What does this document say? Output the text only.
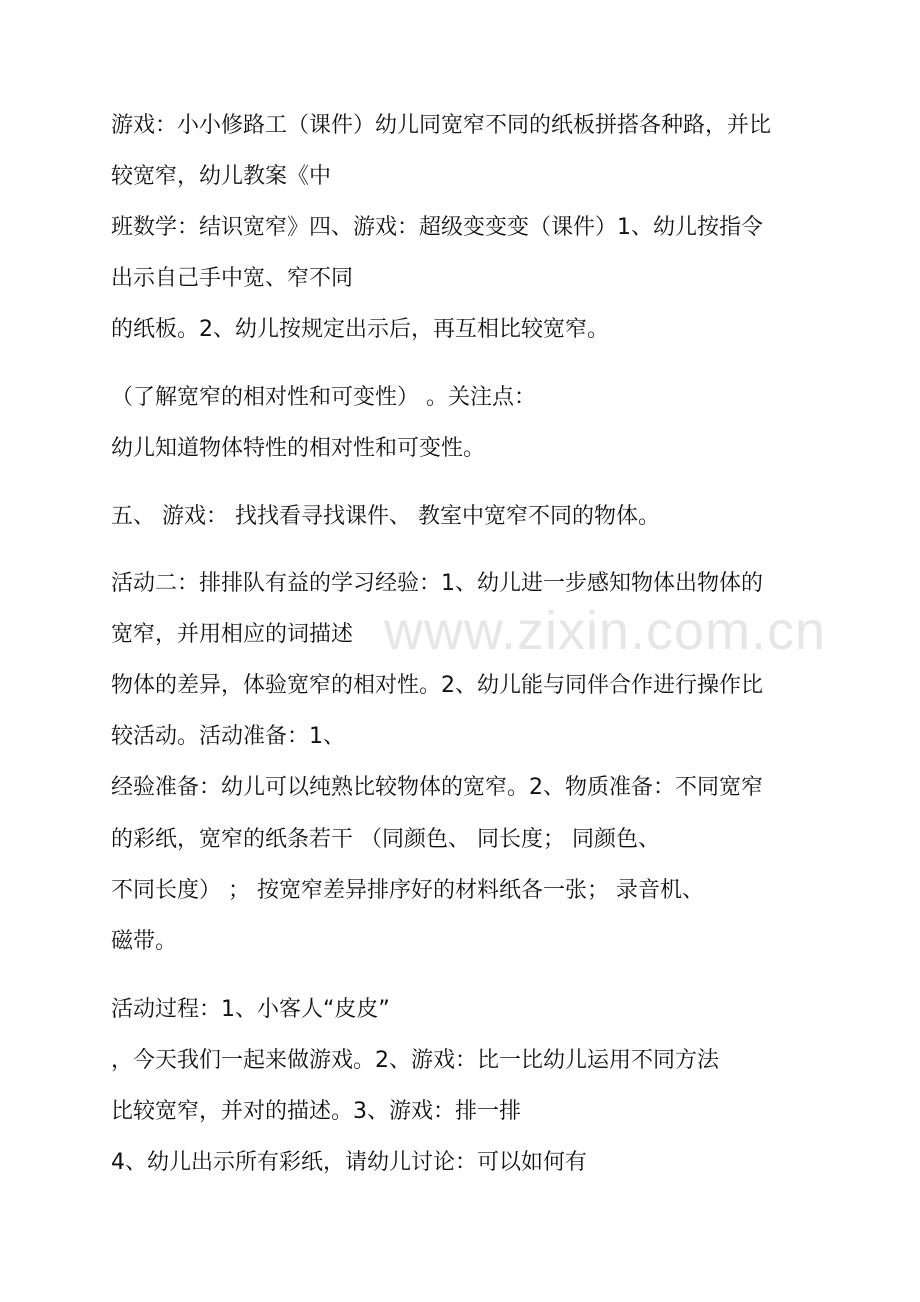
www.zixin.com.cn
游戏：小小修路工（课件）幼儿同宽窄不同的纸板拼搭各种路，并比
较宽窄，幼儿教案《中
班数学：结识宽窄》四、游戏：超级变变变（课件）1、幼儿按指令
出示自己手中宽、窄不同
的纸板。2、幼儿按规定出示后，再互相比较宽窄。
（了解宽窄的相对性和可变性） 。关注点：
幼儿知道物体特性的相对性和可变性。
五、 游戏： 找找看寻找课件、 教室中宽窄不同的物体。
活动二：排排队有益的学习经验：1、幼儿进一步感知物体出物体的
宽窄，并用相应的词描述
物体的差异，体验宽窄的相对性。2、幼儿能与同伴合作进行操作比
较活动。活动准备：1、
经验准备：幼儿可以纯熟比较物体的宽窄。2、物质准备：不同宽窄
的彩纸，宽窄的纸条若干 （同颜色、 同长度； 同颜色、
不同长度） ； 按宽窄差异排序好的材料纸各一张； 录音机、
磁带。
活动过程：1、小客人“皮皮”
，今天我们一起来做游戏。2、游戏：比一比幼儿运用不同方法
比较宽窄，并对的描述。3、游戏：排一排
4、幼儿出示所有彩纸，请幼儿讨论：可以如何有
